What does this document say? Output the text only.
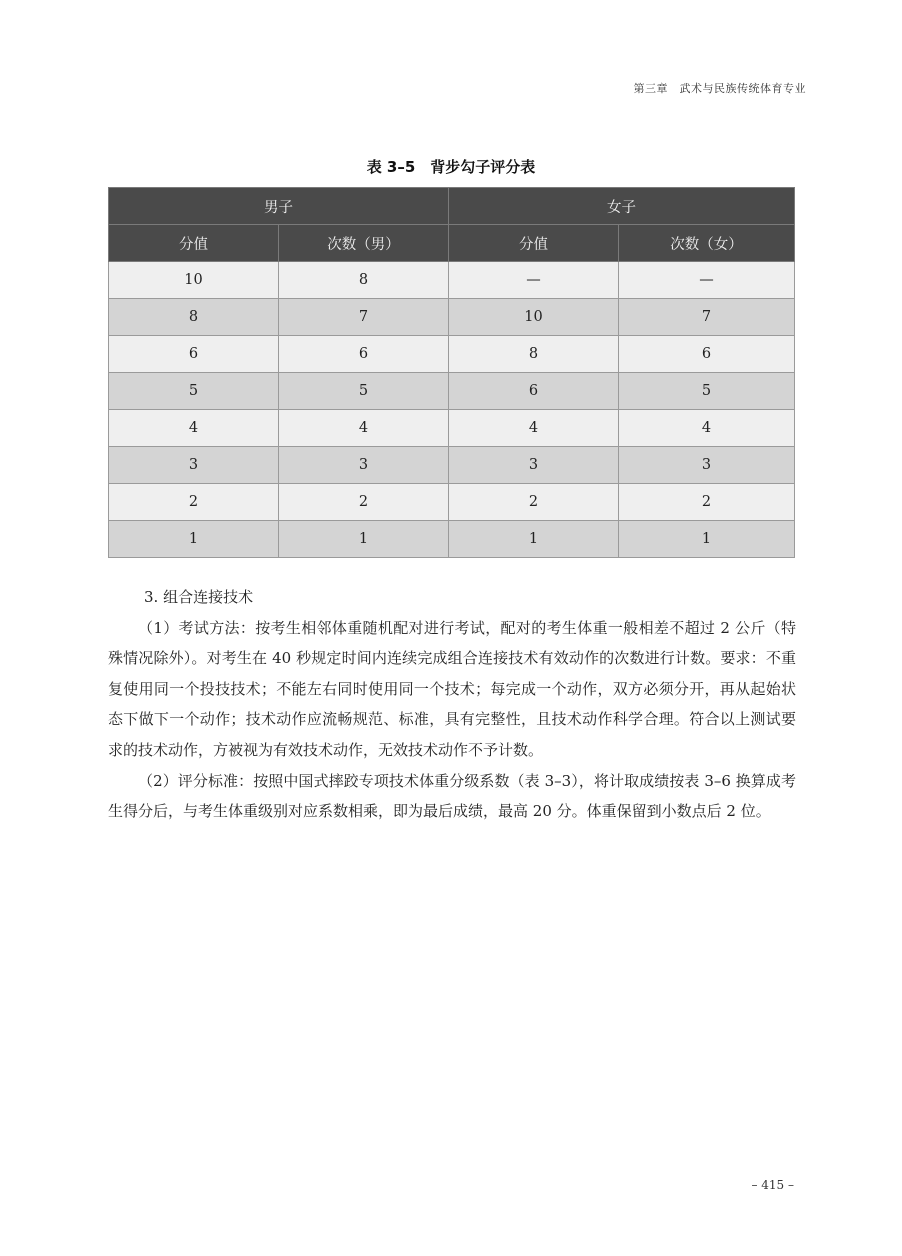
第三章　武术与民族传统体育专业
表 3–5　背步勾子评分表
男子		女子	
分值	次数（男）	分值	次数（女）
10	8	—	—
8	7	10	7
6	6	8	6
5	5	6	5
4	4	4	4
3	3	3	3
2	2	2	2
1	1	1	1

3. 组合连接技术

（1）考试方法：按考生相邻体重随机配对进行考试，配对的考生体重一般相差不超过 2 公斤（特殊情况除外）。对考生在 40 秒规定时间内连续完成组合连接技术有效动作的次数进行计数。要求：不重复使用同一个投技技术；不能左右同时使用同一个技术；每完成一个动作，双方必须分开，再从起始状态下做下一个动作；技术动作应流畅规范、标准，具有完整性，且技术动作科学合理。符合以上测试要求的技术动作，方被视为有效技术动作，无效技术动作不予计数。

（2）评分标准：按照中国式摔跤专项技术体重分级系数（表 3–3），将计取成绩按表 3–6 换算成考生得分后，与考生体重级别对应系数相乘，即为最后成绩，最高 20 分。体重保留到小数点后 2 位。

– 415 –
